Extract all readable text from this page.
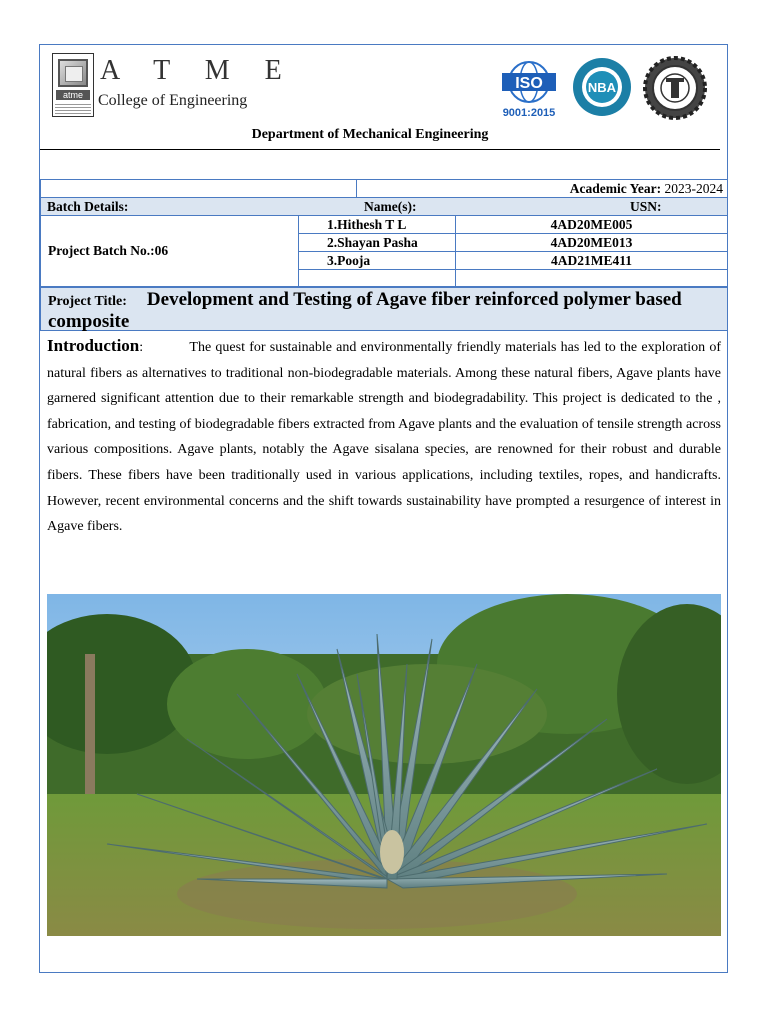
atme
A T M E
College of Engineering
ISO
9001:2015
NBA
Department of Mechanical Engineering
Academic Year: 2023-2024
Batch Details:	Name(s):	USN:
Project Batch No.:06
1.Hithesh T L	4AD20ME005
2.Shayan Pasha	4AD20ME013
3.Pooja	4AD21ME411
Project Title: Development and Testing of Agave fiber reinforced polymer based composite
Introduction:	The quest for sustainable and environmentally friendly materials has led to the exploration of natural fibers as alternatives to traditional non-biodegradable materials. Among these natural fibers, Agave plants have garnered significant attention due to their remarkable strength and biodegradability. This project is dedicated to the , fabrication, and testing of biodegradable fibers extracted from Agave plants and the evaluation of tensile strength across various compositions. Agave plants, notably the Agave sisalana species, are renowned for their robust and durable fibers. These fibers have been traditionally used in various applications, including textiles, ropes, and handicrafts. However, recent environmental concerns and the shift towards sustainability have prompted a resurgence of interest in Agave fibers.
